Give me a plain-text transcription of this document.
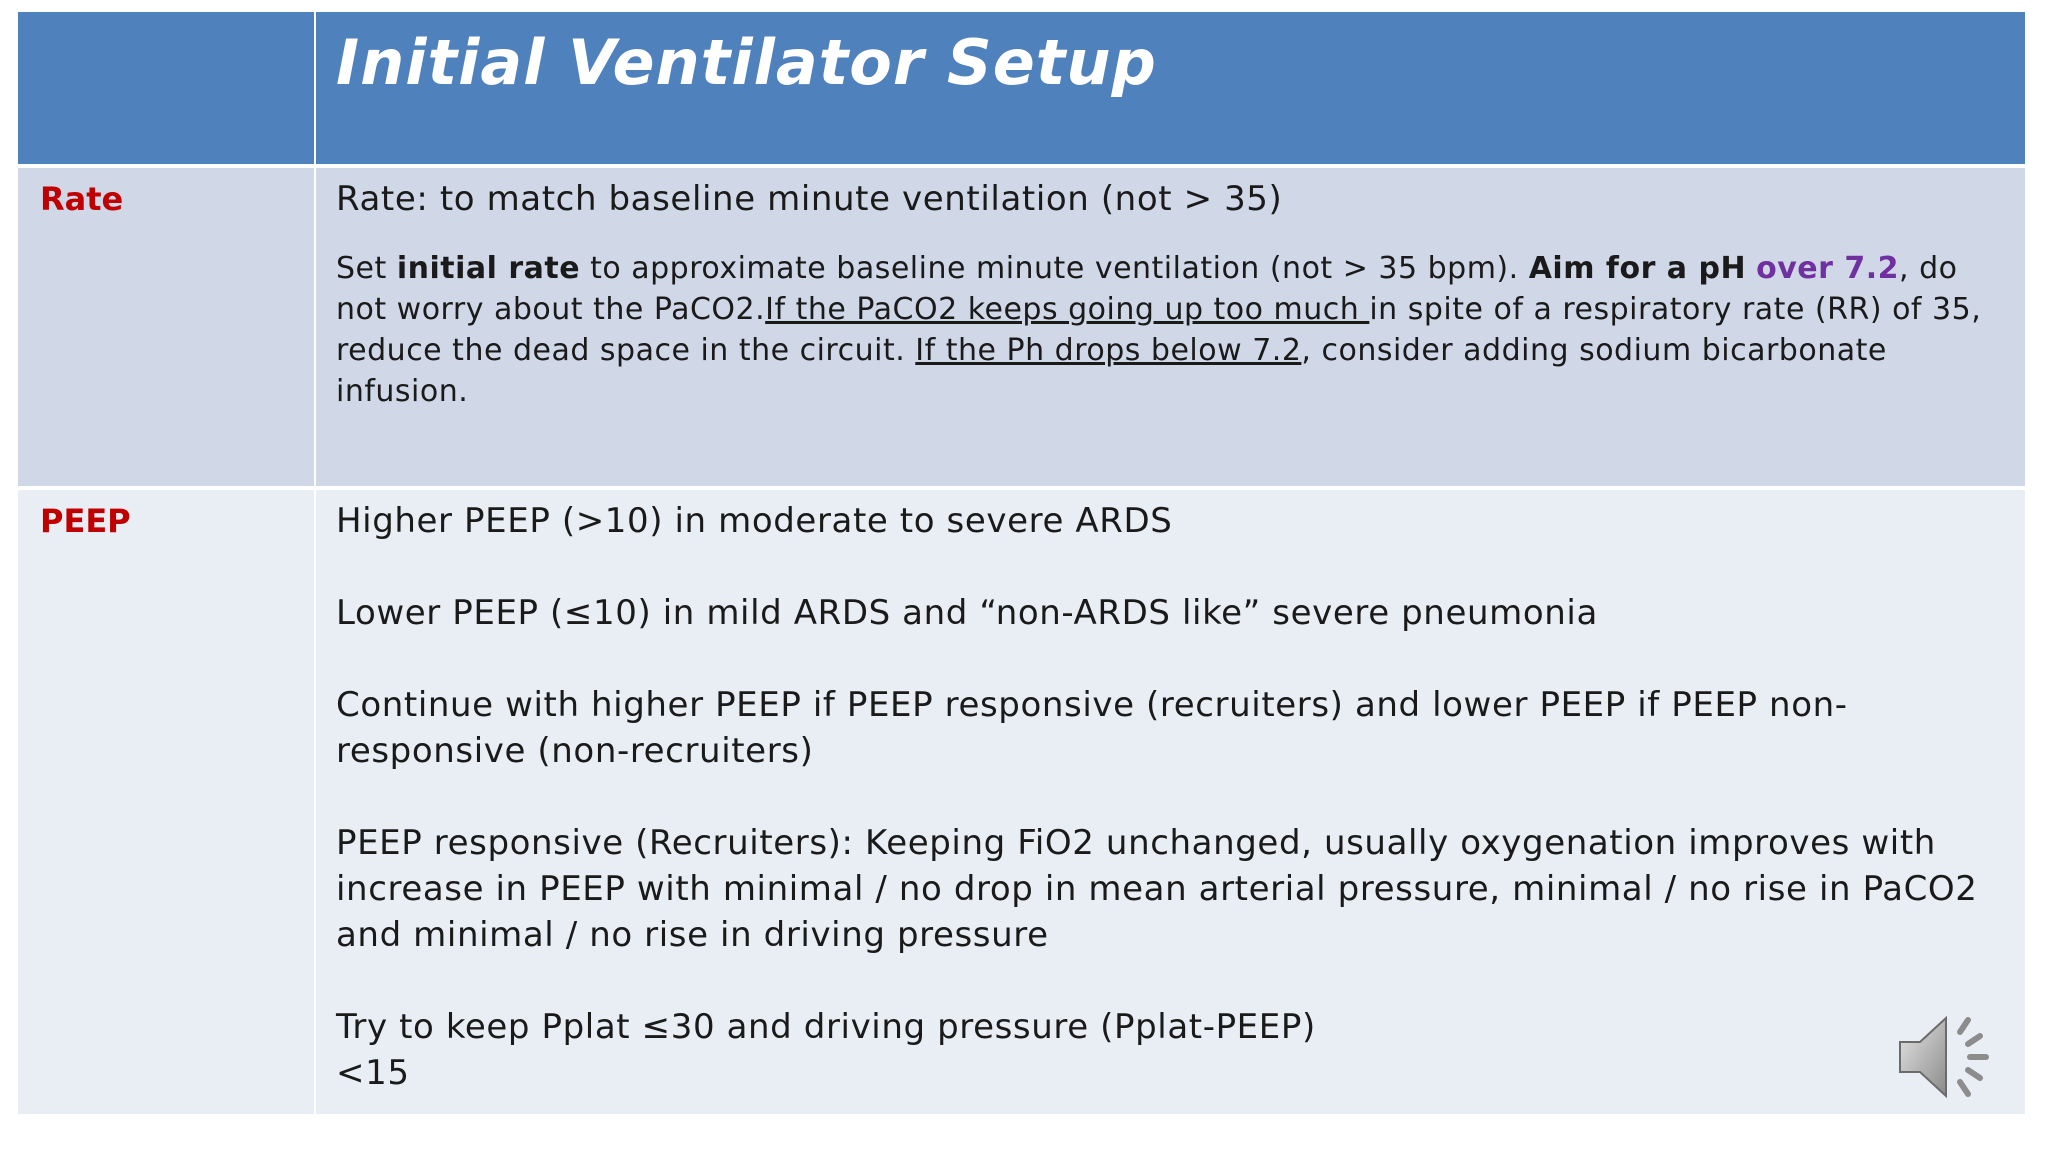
Initial Ventilator Setup
Rate	Rate: to match baseline minute ventilation (not > 35)

Set initial rate to approximate baseline minute ventilation (not > 35 bpm). Aim for a pH over 7.2, do not worry about the PaCO2.If the PaCO2 keeps going up too much in spite of a respiratory rate (RR) of 35, reduce the dead space in the circuit. If the Ph drops below 7.2, consider adding sodium bicarbonate infusion.

PEEP	Higher PEEP (>10) in moderate to severe ARDS

Lower PEEP (≤10) in mild ARDS and “non-ARDS like” severe pneumonia

Continue with higher PEEP if PEEP responsive (recruiters) and lower PEEP if PEEP non-responsive (non-recruiters)

PEEP responsive (Recruiters): Keeping FiO2 unchanged, usually oxygenation improves with increase in PEEP with minimal / no drop in mean arterial pressure, minimal / no rise in PaCO2 and minimal / no rise in driving pressure

Try to keep Pplat ≤30 and driving pressure (Pplat-PEEP)
<15
